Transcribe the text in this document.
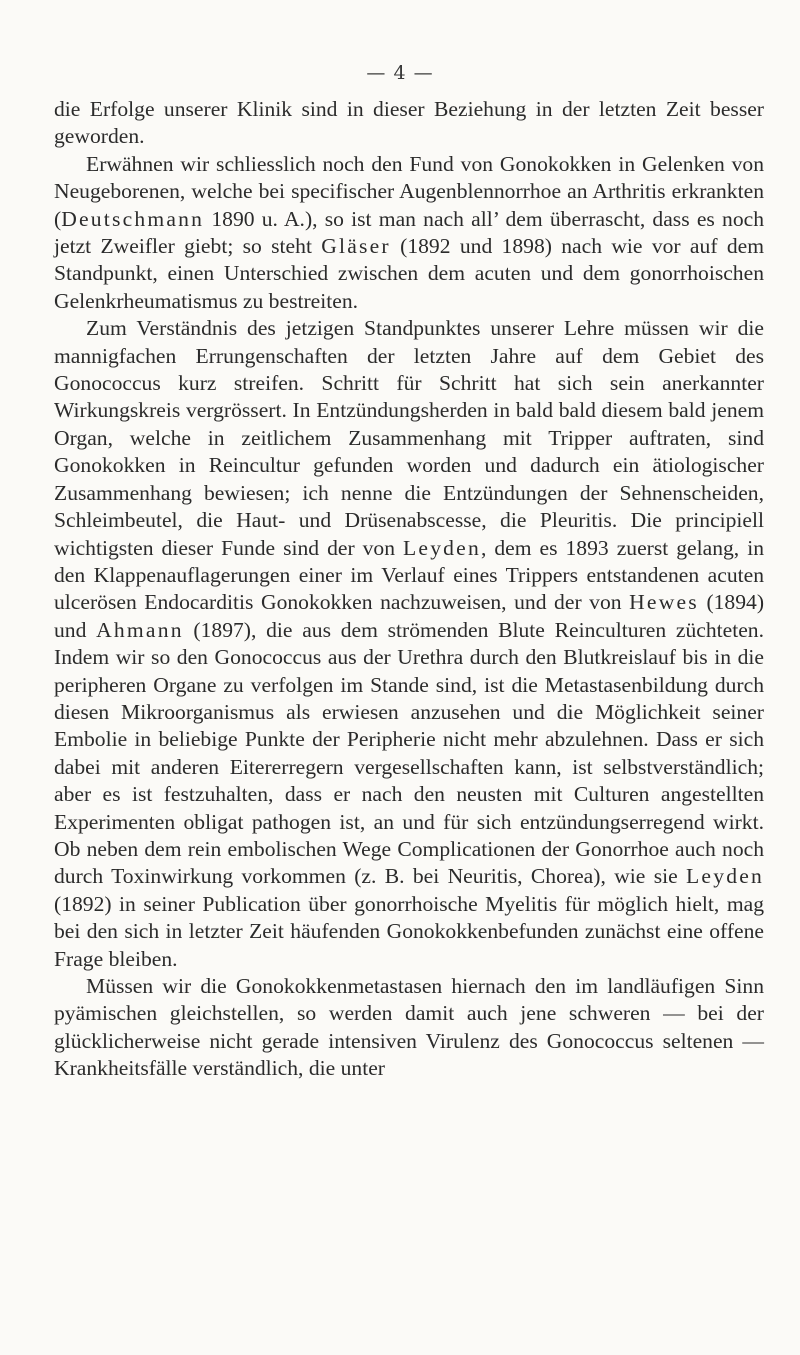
— 4 —

die Erfolge unserer Klinik sind in dieser Beziehung in der letzten Zeit besser geworden.

Erwähnen wir schliesslich noch den Fund von Gonokokken in Gelenken von Neugeborenen, welche bei specifischer Augenblennorrhoe an Arthritis erkrankten (Deutschmann 1890 u. A.), so ist man nach all’ dem überrascht, dass es noch jetzt Zweifler giebt; so steht Gläser (1892 und 1898) nach wie vor auf dem Standpunkt, einen Unterschied zwischen dem acuten und dem gonorrhoischen Gelenkrheumatismus zu bestreiten.

Zum Verständnis des jetzigen Standpunktes unserer Lehre müssen wir die mannigfachen Errungenschaften der letzten Jahre auf dem Gebiet des Gonococcus kurz streifen. Schritt für Schritt hat sich sein anerkannter Wirkungskreis vergrössert. In Entzündungsherden in bald bald diesem bald jenem Organ, welche in zeitlichem Zusammenhang mit Tripper auftraten, sind Gonokokken in Reincultur gefunden worden und dadurch ein ätiologischer Zusammenhang bewiesen; ich nenne die Entzündungen der Sehnenscheiden, Schleimbeutel, die Haut- und Drüsenabscesse, die Pleuritis. Die principiell wichtigsten dieser Funde sind der von Leyden, dem es 1893 zuerst gelang, in den Klappenauflagerungen einer im Verlauf eines Trippers entstandenen acuten ulcerösen Endocarditis Gonokokken nachzuweisen, und der von Hewes (1894) und Ahmann (1897), die aus dem strömenden Blute Reinculturen züchteten. Indem wir so den Gonococcus aus der Urethra durch den Blutkreislauf bis in die peripheren Organe zu verfolgen im Stande sind, ist die Metastasenbildung durch diesen Mikroorganismus als erwiesen anzusehen und die Möglichkeit seiner Embolie in beliebige Punkte der Peripherie nicht mehr abzulehnen. Dass er sich dabei mit anderen Eitererregern vergesellschaften kann, ist selbstverständlich; aber es ist festzuhalten, dass er nach den neusten mit Culturen angestellten Experimenten obligat pathogen ist, an und für sich entzündungserregend wirkt. Ob neben dem rein embolischen Wege Complicationen der Gonorrhoe auch noch durch Toxinwirkung vorkommen (z. B. bei Neuritis, Chorea), wie sie Leyden (1892) in seiner Publication über gonorrhoische Myelitis für möglich hielt, mag bei den sich in letzter Zeit häufenden Gonokokkenbefunden zunächst eine offene Frage bleiben.

Müssen wir die Gonokokkenmetastasen hiernach den im landläufigen Sinn pyämischen gleichstellen, so werden damit auch jene schweren — bei der glücklicherweise nicht gerade intensiven Virulenz des Gonococcus seltenen — Krankheitsfälle verständlich, die unter
